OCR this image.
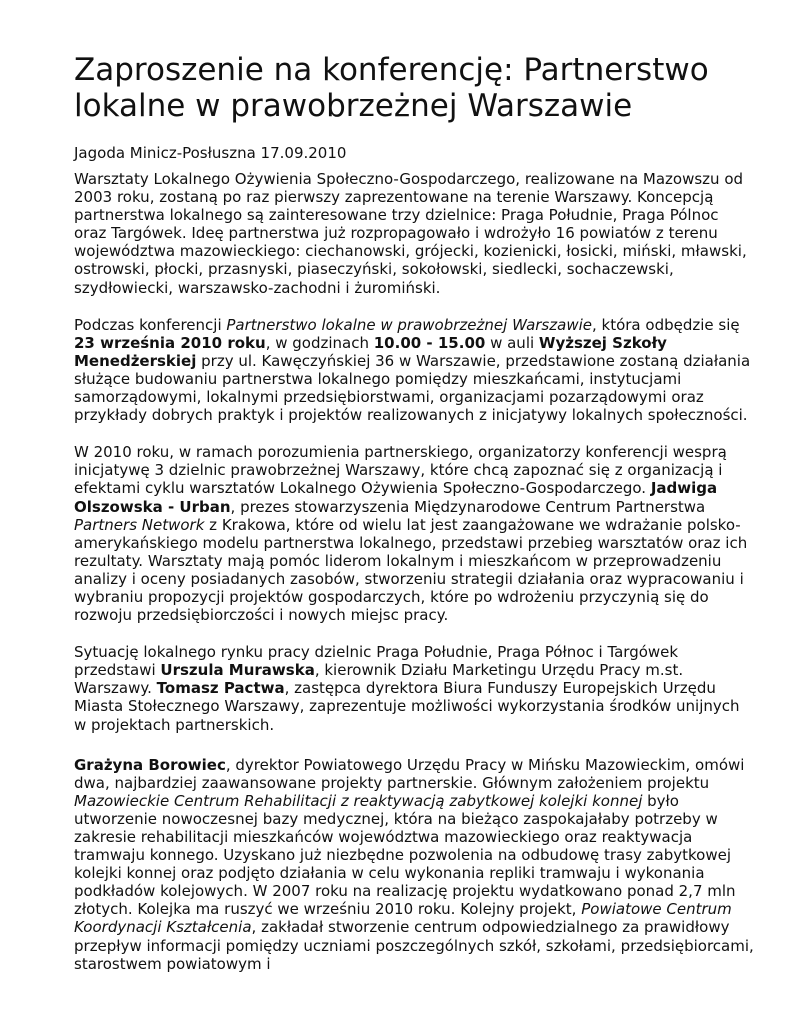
Zaproszenie na konferencję: Partnerstwo lokalne w prawobrzeżnej Warszawie
Jagoda Minicz-Posłuszna 17.09.2010

Warsztaty Lokalnego Ożywienia Społeczno-Gospodarczego, realizowane na Mazowszu od 2003 roku, zostaną po raz pierwszy zaprezentowane na terenie Warszawy. Koncepcją partnerstwa lokalnego są zainteresowane trzy dzielnice: Praga Południe, Praga Pólnoc oraz Targówek. Ideę partnerstwa już rozpropagowało i wdrożyło 16 powiatów z terenu województwa mazowieckiego: ciechanowski, grójecki, kozienicki, łosicki, miński, mławski, ostrowski, płocki, przasnyski, piaseczyński, sokołowski, siedlecki, sochaczewski, szydłowiecki, warszawsko-zachodni i żuromiński.

Podczas konferencji Partnerstwo lokalne w prawobrzeżnej Warszawie, która odbędzie się 23 września 2010 roku, w godzinach 10.00 - 15.00 w auli Wyższej Szkoły Menedżerskiej przy ul. Kawęczyńskiej 36 w Warszawie, przedstawione zostaną działania służące budowaniu partnerstwa lokalnego pomiędzy mieszkańcami, instytucjami samorządowymi, lokalnymi przedsiębiorstwami, organizacjami pozarządowymi oraz przykłady dobrych praktyk i projektów realizowanych z inicjatywy lokalnych społeczności.

W 2010 roku, w ramach porozumienia partnerskiego, organizatorzy konferencji wesprą inicjatywę 3 dzielnic prawobrzeżnej Warszawy, które chcą zapoznać się z organizacją i efektami cyklu warsztatów Lokalnego Ożywienia Społeczno-Gospodarczego. Jadwiga Olszowska - Urban, prezes stowarzyszenia Międzynarodowe Centrum Partnerstwa Partners Network z Krakowa, które od wielu lat jest zaangażowane we wdrażanie polsko-amerykańskiego modelu partnerstwa lokalnego, przedstawi przebieg warsztatów oraz ich rezultaty. Warsztaty mają pomóc liderom lokalnym i mieszkańcom w przeprowadzeniu analizy i oceny posiadanych zasobów, stworzeniu strategii działania oraz wypracowaniu i wybraniu propozycji projektów gospodarczych, które po wdrożeniu przyczynią się do rozwoju przedsiębiorczości i nowych miejsc pracy.

Sytuację lokalnego rynku pracy dzielnic Praga Południe, Praga Północ i Targówek przedstawi Urszula Murawska, kierownik Działu Marketingu Urzędu Pracy m.st. Warszawy. Tomasz Pactwa, zastępca dyrektora Biura Funduszy Europejskich Urzędu Miasta Stołecznego Warszawy, zaprezentuje możliwości wykorzystania środków unijnych w projektach partnerskich.

Grażyna Borowiec, dyrektor Powiatowego Urzędu Pracy w Mińsku Mazowieckim, omówi dwa, najbardziej zaawansowane projekty partnerskie. Głównym założeniem projektu Mazowieckie Centrum Rehabilitacji z reaktywacją zabytkowej kolejki konnej było utworzenie nowoczesnej bazy medycznej, która na bieżąco zaspokajałaby potrzeby w zakresie rehabilitacji mieszkańców województwa mazowieckiego oraz reaktywacja tramwaju konnego. Uzyskano już niezbędne pozwolenia na odbudowę trasy zabytkowej kolejki konnej oraz podjęto działania w celu wykonania repliki tramwaju i wykonania podkładów kolejowych. W 2007 roku na realizację projektu wydatkowano ponad 2,7 mln złotych. Kolejka ma ruszyć we wrześniu 2010 roku. Kolejny projekt, Powiatowe Centrum Koordynacji Kształcenia, zakładał stworzenie centrum odpowiedzialnego za prawidłowy przepływ informacji pomiędzy uczniami poszczególnych szkół, szkołami, przedsiębiorcami, starostwem powiatowym i
